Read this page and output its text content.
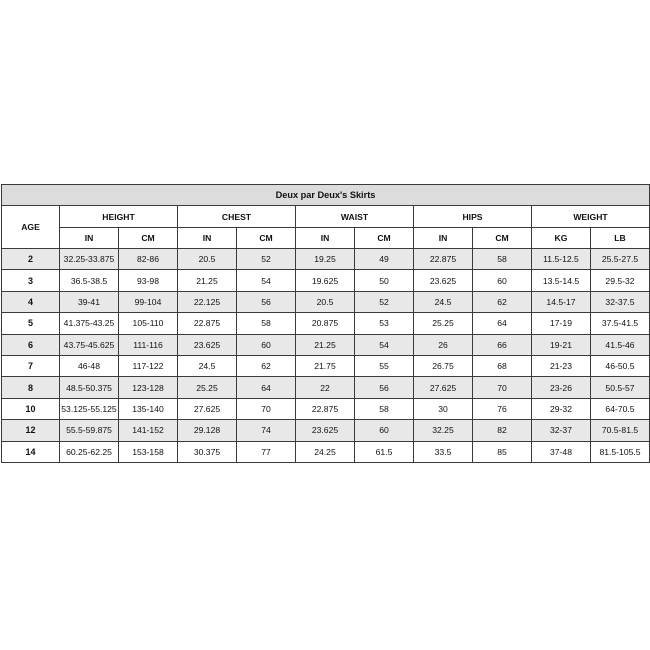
Deux par Deux's Skirts										
AGE	HEIGHT		CHEST		WAIST		HIPS		WEIGHT	
	IN	CM	IN	CM	IN	CM	IN	CM	KG	LB
2	32.25-33.875	82-86	20.5	52	19.25	49	22.875	58	11.5-12.5	25.5-27.5
3	36.5-38.5	93-98	21.25	54	19.625	50	23.625	60	13.5-14.5	29.5-32
4	39-41	99-104	22.125	56	20.5	52	24.5	62	14.5-17	32-37.5
5	41.375-43.25	105-110	22.875	58	20.875	53	25.25	64	17-19	37.5-41.5
6	43.75-45.625	111-116	23.625	60	21.25	54	26	66	19-21	41.5-46
7	46-48	117-122	24.5	62	21.75	55	26.75	68	21-23	46-50.5
8	48.5-50.375	123-128	25.25	64	22	56	27.625	70	23-26	50.5-57
10	53.125-55.125	135-140	27.625	70	22.875	58	30	76	29-32	64-70.5
12	55.5-59.875	141-152	29.128	74	23.625	60	32.25	82	32-37	70.5-81.5
14	60.25-62.25	153-158	30.375	77	24.25	61.5	33.5	85	37-48	81.5-105.5
